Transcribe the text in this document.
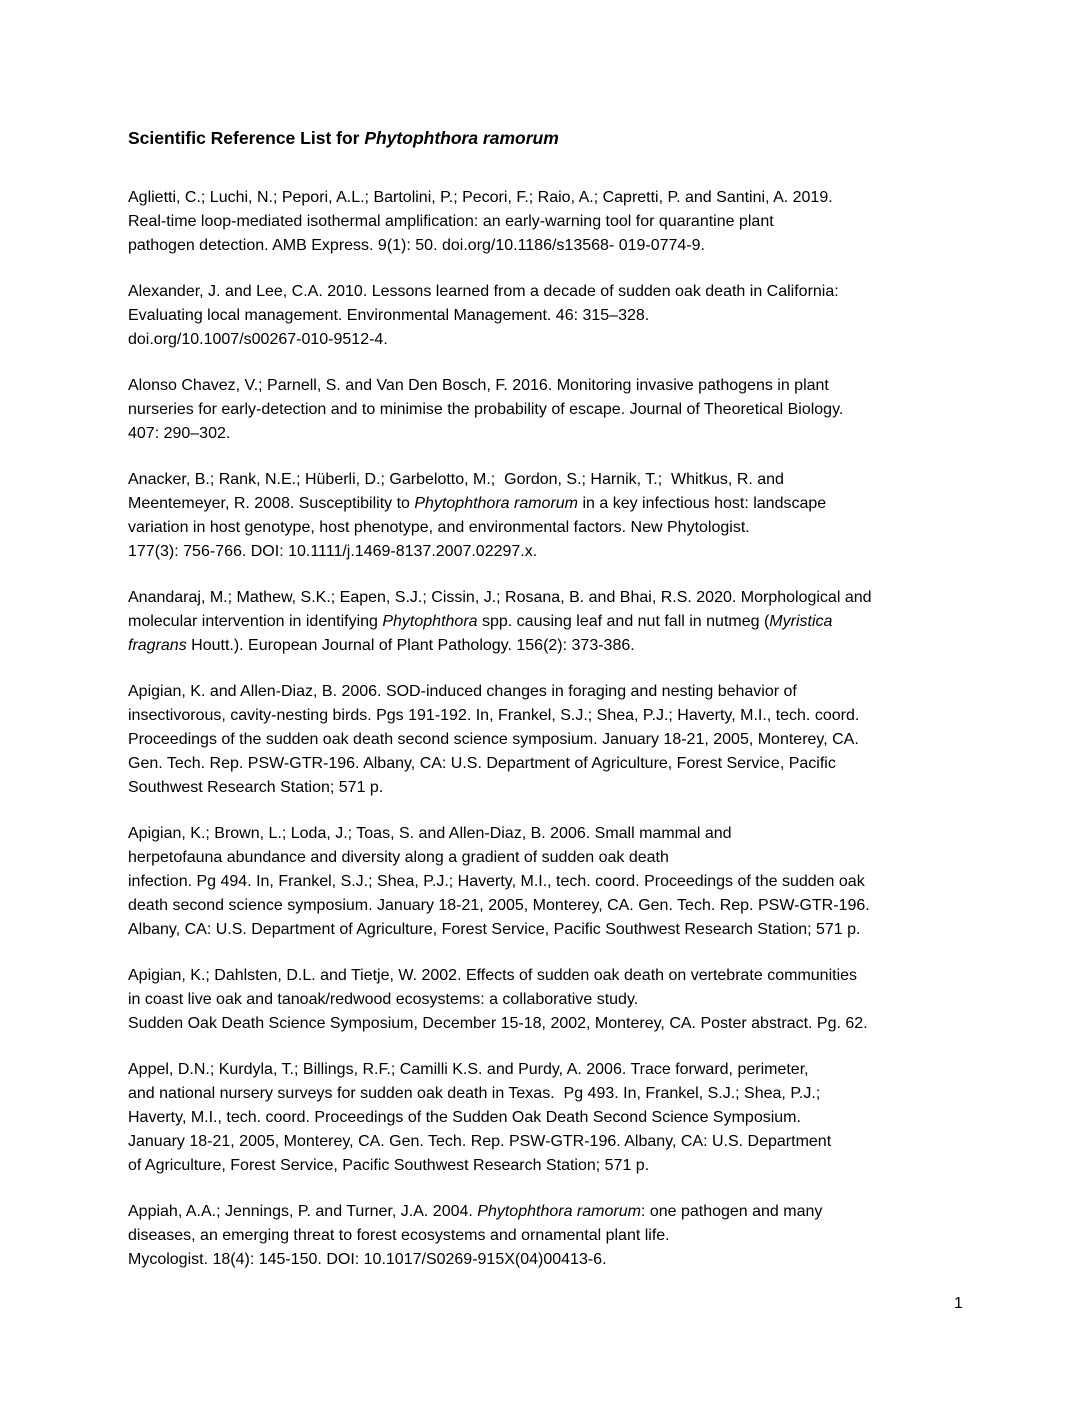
Scientific Reference List for Phytophthora ramorum

Aglietti, C.; Luchi, N.; Pepori, A.L.; Bartolini, P.; Pecori, F.; Raio, A.; Capretti, P. and Santini, A. 2019.
Real-time loop-mediated isothermal amplification: an early-warning tool for quarantine plant
pathogen detection. AMB Express. 9(1): 50. doi.org/10.1186/s13568- 019-0774-9.

Alexander, J. and Lee, C.A. 2010. Lessons learned from a decade of sudden oak death in California:
Evaluating local management. Environmental Management. 46: 315–328.
doi.org/10.1007/s00267-010-9512-4.

Alonso Chavez, V.; Parnell, S. and Van Den Bosch, F. 2016. Monitoring invasive pathogens in plant
nurseries for early-detection and to minimise the probability of escape. Journal of Theoretical Biology.
407: 290–302.

Anacker, B.; Rank, N.E.; Hüberli, D.; Garbelotto, M.;  Gordon, S.; Harnik, T.;  Whitkus, R. and
Meentemeyer, R. 2008. Susceptibility to Phytophthora ramorum in a key infectious host: landscape
variation in host genotype, host phenotype, and environmental factors. New Phytologist.
177(3): 756-766. DOI: 10.1111/j.1469-8137.2007.02297.x.

Anandaraj, M.; Mathew, S.K.; Eapen, S.J.; Cissin, J.; Rosana, B. and Bhai, R.S. 2020. Morphological and
molecular intervention in identifying Phytophthora spp. causing leaf and nut fall in nutmeg (Myristica
fragrans Houtt.). European Journal of Plant Pathology. 156(2): 373-386.

Apigian, K. and Allen-Diaz, B. 2006. SOD-induced changes in foraging and nesting behavior of
insectivorous, cavity-nesting birds. Pgs 191-192. In, Frankel, S.J.; Shea, P.J.; Haverty, M.I., tech. coord.
Proceedings of the sudden oak death second science symposium. January 18-21, 2005, Monterey, CA.
Gen. Tech. Rep. PSW-GTR-196. Albany, CA: U.S. Department of Agriculture, Forest Service, Pacific
Southwest Research Station; 571 p.

Apigian, K.; Brown, L.; Loda, J.; Toas, S. and Allen-Diaz, B. 2006. Small mammal and
herpetofauna abundance and diversity along a gradient of sudden oak death
infection. Pg 494. In, Frankel, S.J.; Shea, P.J.; Haverty, M.I., tech. coord. Proceedings of the sudden oak
death second science symposium. January 18-21, 2005, Monterey, CA. Gen. Tech. Rep. PSW-GTR-196.
Albany, CA: U.S. Department of Agriculture, Forest Service, Pacific Southwest Research Station; 571 p.

Apigian, K.; Dahlsten, D.L. and Tietje, W. 2002. Effects of sudden oak death on vertebrate communities
in coast live oak and tanoak/redwood ecosystems: a collaborative study.
Sudden Oak Death Science Symposium, December 15-18, 2002, Monterey, CA. Poster abstract. Pg. 62.

Appel, D.N.; Kurdyla, T.; Billings, R.F.; Camilli K.S. and Purdy, A. 2006. Trace forward, perimeter,
and national nursery surveys for sudden oak death in Texas.  Pg 493. In, Frankel, S.J.; Shea, P.J.;
Haverty, M.I., tech. coord. Proceedings of the Sudden Oak Death Second Science Symposium.
January 18-21, 2005, Monterey, CA. Gen. Tech. Rep. PSW-GTR-196. Albany, CA: U.S. Department
of Agriculture, Forest Service, Pacific Southwest Research Station; 571 p.

Appiah, A.A.; Jennings, P. and Turner, J.A. 2004. Phytophthora ramorum: one pathogen and many
diseases, an emerging threat to forest ecosystems and ornamental plant life.
Mycologist. 18(4): 145-150. DOI: 10.1017/S0269-915X(04)00413-6.

1
